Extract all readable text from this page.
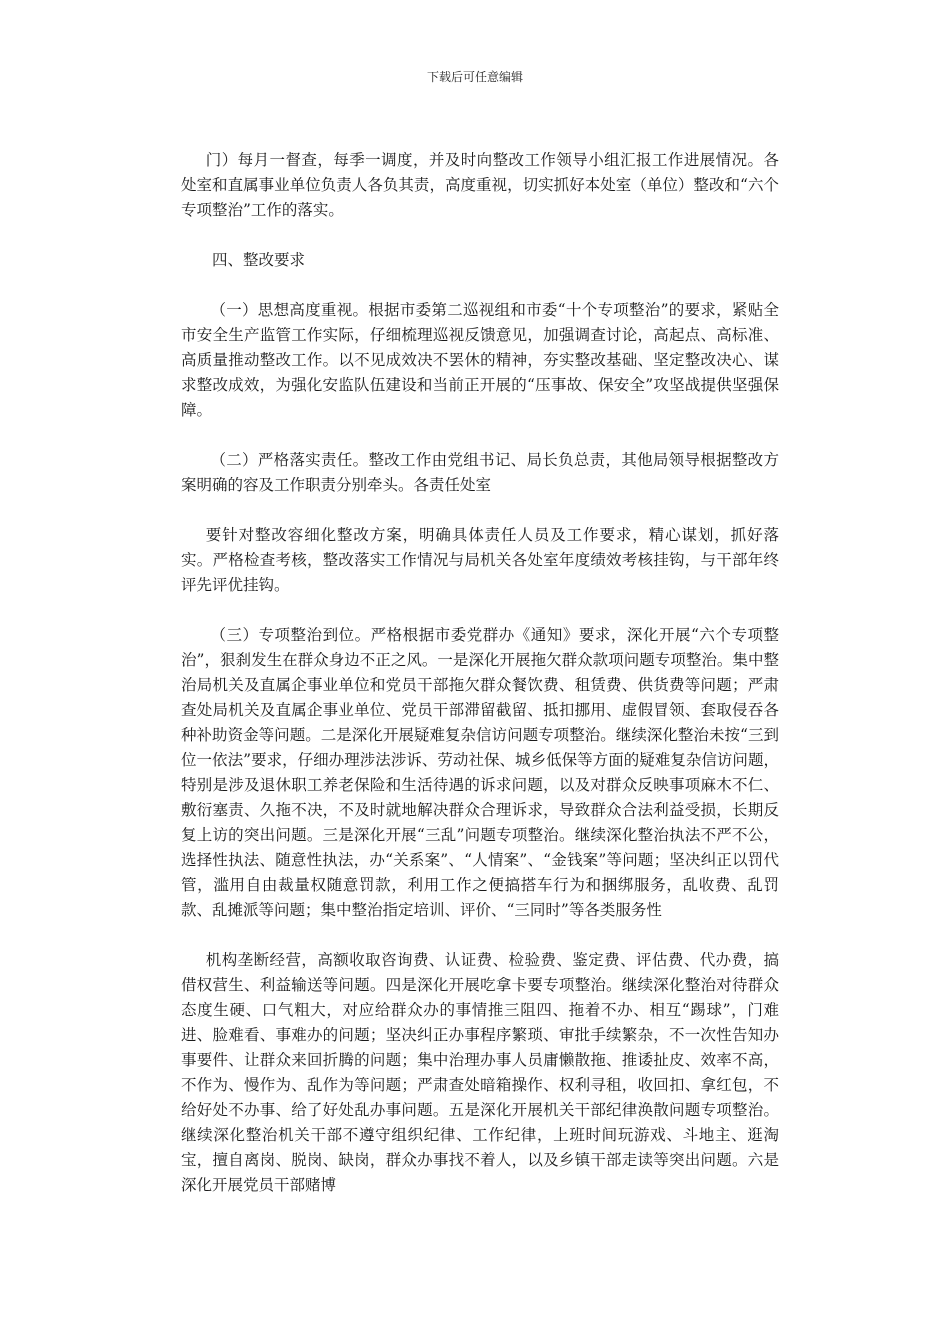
下载后可任意编辑

门）每月一督查，每季一调度，并及时向整改工作领导小组汇报工作进展情况。各处室和直属事业单位负责人各负其责，高度重视，切实抓好本处室（单位）整改和“六个专项整治”工作的落实。

四、整改要求

（一）思想高度重视。根据市委第二巡视组和市委“十个专项整治”的要求，紧贴全市安全生产监管工作实际，仔细梳理巡视反馈意见，加强调查讨论，高起点、高标准、高质量推动整改工作。以不见成效决不罢休的精神，夯实整改基础、坚定整改决心、谋求整改成效，为强化安监队伍建设和当前正开展的“压事故、保安全”攻坚战提供坚强保障。

（二）严格落实责任。整改工作由党组书记、局长负总责，其他局领导根据整改方案明确的容及工作职责分别牵头。各责任处室

要针对整改容细化整改方案，明确具体责任人员及工作要求，精心谋划，抓好落实。严格检查考核，整改落实工作情况与局机关各处室年度绩效考核挂钩，与干部年终评先评优挂钩。

（三）专项整治到位。严格根据市委党群办《通知》要求，深化开展“六个专项整治”，狠刹发生在群众身边不正之风。一是深化开展拖欠群众款项问题专项整治。集中整治局机关及直属企事业单位和党员干部拖欠群众餐饮费、租赁费、供货费等问题；严肃查处局机关及直属企事业单位、党员干部滞留截留、抵扣挪用、虚假冒领、套取侵吞各种补助资金等问题。二是深化开展疑难复杂信访问题专项整治。继续深化整治未按“三到位一依法”要求，仔细办理涉法涉诉、劳动社保、城乡低保等方面的疑难复杂信访问题，特别是涉及退休职工养老保险和生活待遇的诉求问题，以及对群众反映事项麻木不仁、敷衍塞责、久拖不决，不及时就地解决群众合理诉求，导致群众合法利益受损，长期反复上访的突出问题。三是深化开展“三乱”问题专项整治。继续深化整治执法不严不公，选择性执法、随意性执法，办“关系案”、“人情案”、“金钱案”等问题；坚决纠正以罚代管，滥用自由裁量权随意罚款，利用工作之便搞搭车行为和捆绑服务，乱收费、乱罚款、乱摊派等问题；集中整治指定培训、评价、“三同时”等各类服务性

机构垄断经营，高额收取咨询费、认证费、检验费、鉴定费、评估费、代办费，搞借权营生、利益输送等问题。四是深化开展吃拿卡要专项整治。继续深化整治对待群众态度生硬、口气粗大，对应给群众办的事情推三阻四、拖着不办、相互“踢球”，门难进、脸难看、事难办的问题；坚决纠正办事程序繁琐、审批手续繁杂，不一次性告知办事要件、让群众来回折腾的问题；集中治理办事人员庸懒散拖、推诿扯皮、效率不高，不作为、慢作为、乱作为等问题；严肃查处暗箱操作、权利寻租，收回扣、拿红包，不给好处不办事、给了好处乱办事问题。五是深化开展机关干部纪律涣散问题专项整治。继续深化整治机关干部不遵守组织纪律、工作纪律，上班时间玩游戏、斗地主、逛淘宝，擅自离岗、脱岗、缺岗，群众办事找不着人，以及乡镇干部走读等突出问题。六是深化开展党员干部赌博
